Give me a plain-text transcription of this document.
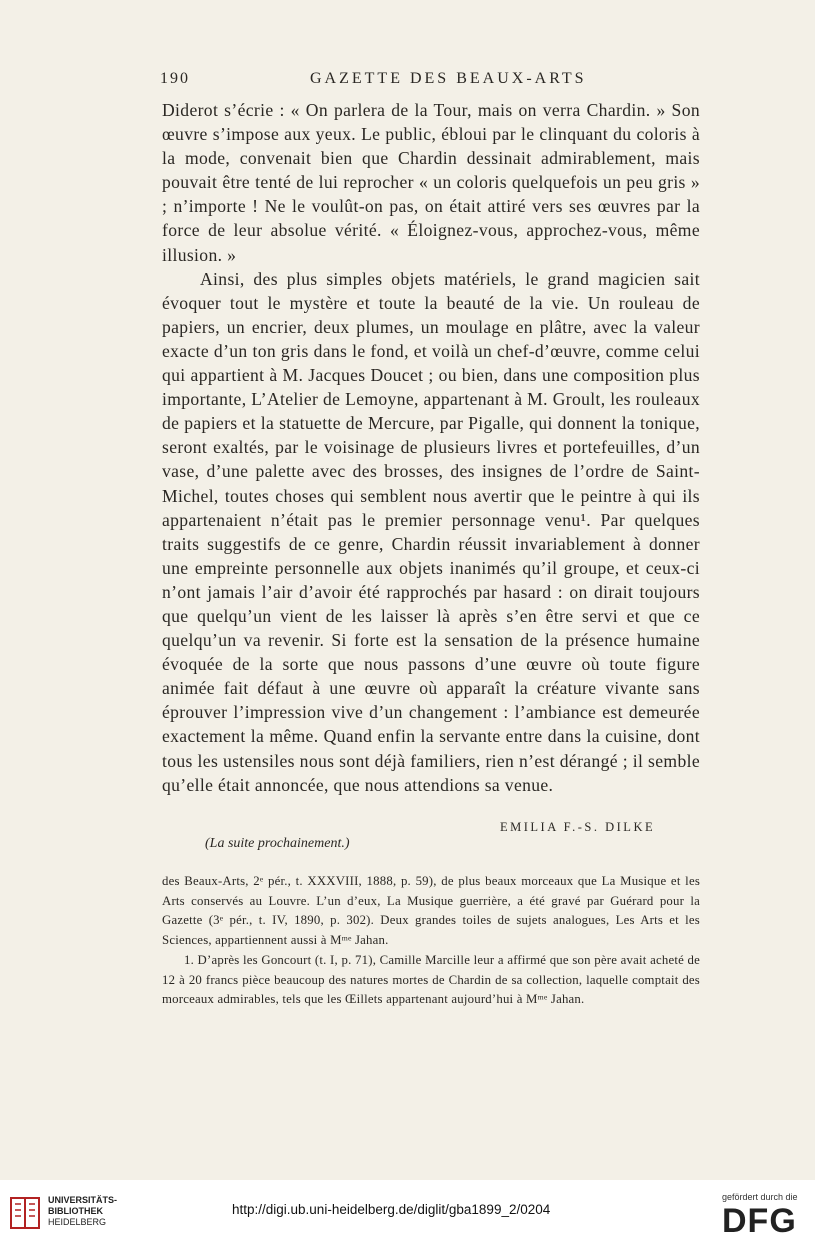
190	GAZETTE DES BEAUX-ARTS

Diderot s’écrie : « On parlera de la Tour, mais on verra Chardin. » Son œuvre s’impose aux yeux. Le public, ébloui par le clinquant du coloris à la mode, convenait bien que Chardin dessinait admirablement, mais pouvait être tenté de lui reprocher « un coloris quelquefois un peu gris » ; n’importe ! Ne le voulût-on pas, on était attiré vers ses œuvres par la force de leur absolue vérité. « Éloignez-vous, approchez-vous, même illusion. »

Ainsi, des plus simples objets matériels, le grand magicien sait évoquer tout le mystère et toute la beauté de la vie. Un rouleau de papiers, un encrier, deux plumes, un moulage en plâtre, avec la valeur exacte d’un ton gris dans le fond, et voilà un chef-d’œuvre, comme celui qui appartient à M. Jacques Doucet ; ou bien, dans une composition plus importante, L’Atelier de Lemoyne, appartenant à M. Groult, les rouleaux de papiers et la statuette de Mercure, par Pigalle, qui donnent la tonique, seront exaltés, par le voisinage de plusieurs livres et portefeuilles, d’un vase, d’une palette avec des brosses, des insignes de l’ordre de Saint-Michel, toutes choses qui semblent nous avertir que le peintre à qui ils appartenaient n’était pas le premier personnage venu¹. Par quelques traits suggestifs de ce genre, Chardin réussit invariablement à donner une empreinte personnelle aux objets inanimés qu’il groupe, et ceux-ci n’ont jamais l’air d’avoir été rapprochés par hasard : on dirait toujours que quelqu’un vient de les laisser là après s’en être servi et que ce quelqu’un va revenir. Si forte est la sensation de la présence humaine évoquée de la sorte que nous passons d’une œuvre où toute figure animée fait défaut à une œuvre où apparaît la créature vivante sans éprouver l’impression vive d’un changement : l’ambiance est demeurée exactement la même. Quand enfin la servante entre dans la cuisine, dont tous les ustensiles nous sont déjà familiers, rien n’est dérangé ; il semble qu’elle était annoncée, que nous attendions sa venue.

EMILIA F.-S. DILKE
(La suite prochainement.)

des Beaux-Arts, 2ᵉ pér., t. XXXVIII, 1888, p. 59), de plus beaux morceaux que La Musique et les Arts conservés au Louvre. L’un d’eux, La Musique guerrière, a été gravé par Guérard pour la Gazette (3ᵉ pér., t. IV, 1890, p. 302). Deux grandes toiles de sujets analogues, Les Arts et les Sciences, appartiennent aussi à Mᵐᵉ Jahan.

1. D’après les Goncourt (t. I, p. 71), Camille Marcille leur a affirmé que son père avait acheté de 12 à 20 francs pièce beaucoup des natures mortes de Chardin de sa collection, laquelle comptait des morceaux admirables, tels que les Œillets appartenant aujourd’hui à Mᵐᵉ Jahan.

UNIVERSITÄTS-
BIBLIOTHEK
HEIDELBERG
http://digi.ub.uni-heidelberg.de/diglit/gba1899_2/0204
gefördert durch die
DFG
